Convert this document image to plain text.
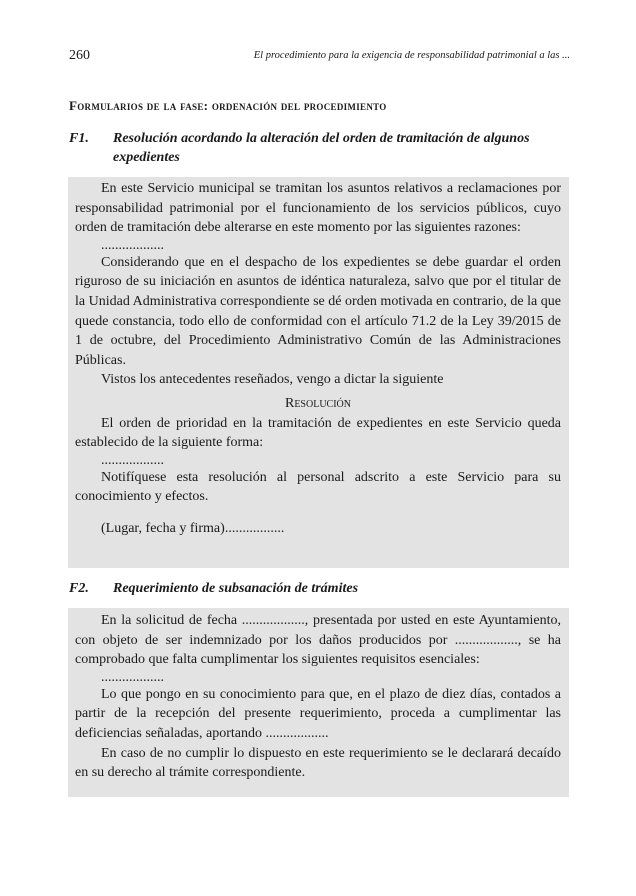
260	El procedimiento para la exigencia de responsabilidad patrimonial a las ...
Formularios de la fase: ordenación del procedimiento
F1. Resolución acordando la alteración del orden de tramitación de algunos expedientes

En este Servicio municipal se tramitan los asuntos relativos a reclamaciones por responsabilidad patrimonial por el funcionamiento de los servicios públicos, cuyo orden de tramitación debe alterarse en este momento por las siguientes razones:

..................

Considerando que en el despacho de los expedientes se debe guardar el orden riguroso de su iniciación en asuntos de idéntica naturaleza, salvo que por el titular de la Unidad Administrativa correspondiente se dé orden motivada en contrario, de la que quede constancia, todo ello de conformidad con el artículo 71.2 de la Ley 39/2015 de 1 de octubre, del Procedimiento Administrativo Común de las Administraciones Públicas.

Vistos los antecedentes reseñados, vengo a dictar la siguiente

Resolución

El orden de prioridad en la tramitación de expedientes en este Servicio queda establecido de la siguiente forma:

..................

Notifíquese esta resolución al personal adscrito a este Servicio para su conocimiento y efectos.

(Lugar, fecha y firma).................

F2. Requerimiento de subsanación de trámites

En la solicitud de fecha .................., presentada por usted en este Ayuntamiento, con objeto de ser indemnizado por los daños producidos por .................., se ha comprobado que falta cumplimentar los siguientes requisitos esenciales:

..................

Lo que pongo en su conocimiento para que, en el plazo de diez días, contados a partir de la recepción del presente requerimiento, proceda a cumplimentar las deficiencias señaladas, aportando ..................

En caso de no cumplir lo dispuesto en este requerimiento se le declarará decaído en su derecho al trámite correspondiente.
